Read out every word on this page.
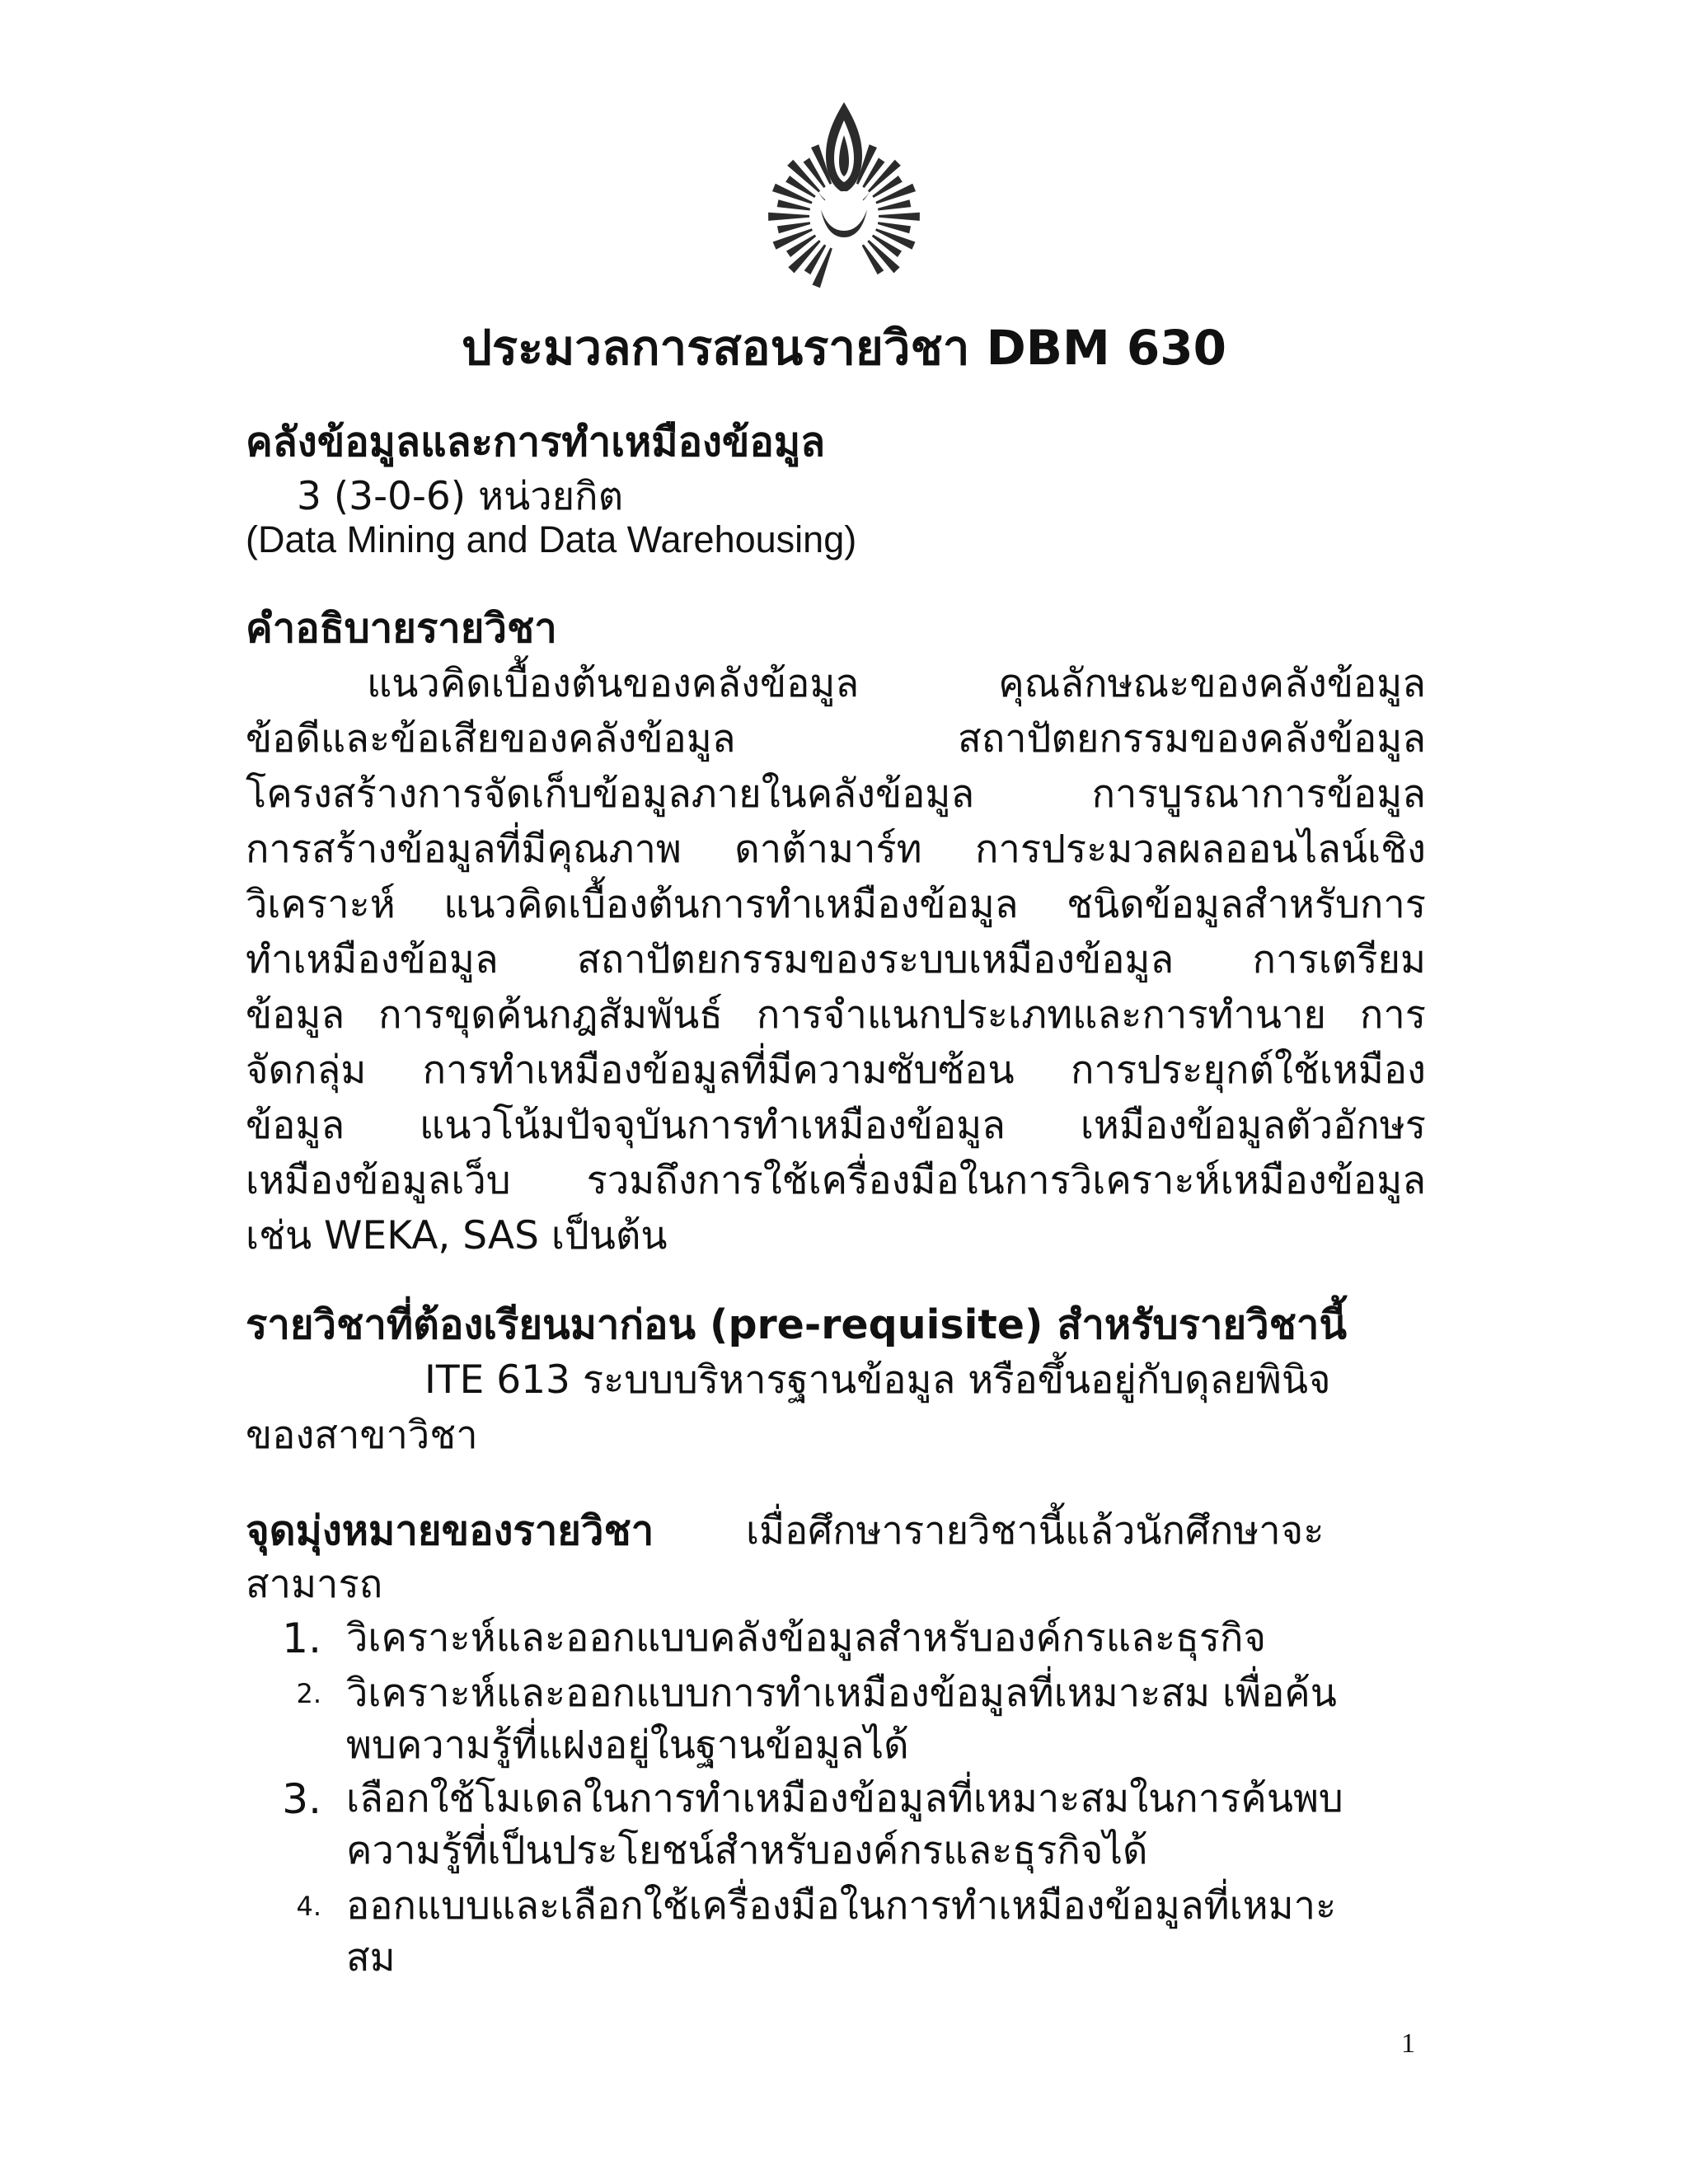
ประมวลการสอนรายวิชา DBM 630
คลังข้อมูลและการทำเหมืองข้อมูล
3 (3-0-6) หน่วยกิต
(Data Mining and Data Warehousing)
คำอธิบายรายวิชา
แนวคิดเบื้องต้นของคลังข้อมูล คุณลักษณะของคลังข้อมูล
ข้อดีและข้อเสียของคลังข้อมูล สถาปัตยกรรมของคลังข้อมูล
โครงสร้างการจัดเก็บข้อมูลภายในคลังข้อมูล การบูรณาการข้อมูล
การสร้างข้อมูลที่มีคุณภาพ ดาต้ามาร์ท การประมวลผลออนไลน์เชิง
วิเคราะห์ แนวคิดเบื้องต้นการทำเหมืองข้อมูล ชนิดข้อมูลสำหรับการ
ทำเหมืองข้อมูล สถาปัตยกรรมของระบบเหมืองข้อมูล การเตรียม
ข้อมูล การขุดค้นกฎสัมพันธ์ การจำแนกประเภทและการทำนาย การ
จัดกลุ่ม การทำเหมืองข้อมูลที่มีความซับซ้อน การประยุกต์ใช้เหมือง
ข้อมูล แนวโน้มปัจจุบันการทำเหมืองข้อมูล เหมืองข้อมูลตัวอักษร
เหมืองข้อมูลเว็บ รวมถึงการใช้เครื่องมือในการวิเคราะห์เหมืองข้อมูล
เช่น WEKA, SAS เป็นต้น
รายวิชาที่ต้องเรียนมาก่อน (pre-requisite) สำหรับรายวิชานี้
ITE 613 ระบบบริหารฐานข้อมูล หรือขึ้นอยู่กับดุลยพินิจ
ของสาขาวิชา
จุดมุ่งหมายของรายวิชา เมื่อศึกษารายวิชานี้แล้วนักศึกษาจะ
สามารถ
1. วิเคราะห์และออกแบบคลังข้อมูลสำหรับองค์กรและธุรกิจ
2. วิเคราะห์และออกแบบการทำเหมืองข้อมูลที่เหมาะสม เพื่อค้น
พบความรู้ที่แฝงอยู่ในฐานข้อมูลได้
3. เลือกใช้โมเดลในการทำเหมืองข้อมูลที่เหมาะสมในการค้นพบ
ความรู้ที่เป็นประโยชน์สำหรับองค์กรและธุรกิจได้
4. ออกแบบและเลือกใช้เครื่องมือในการทำเหมืองข้อมูลที่เหมาะ
สม
1
